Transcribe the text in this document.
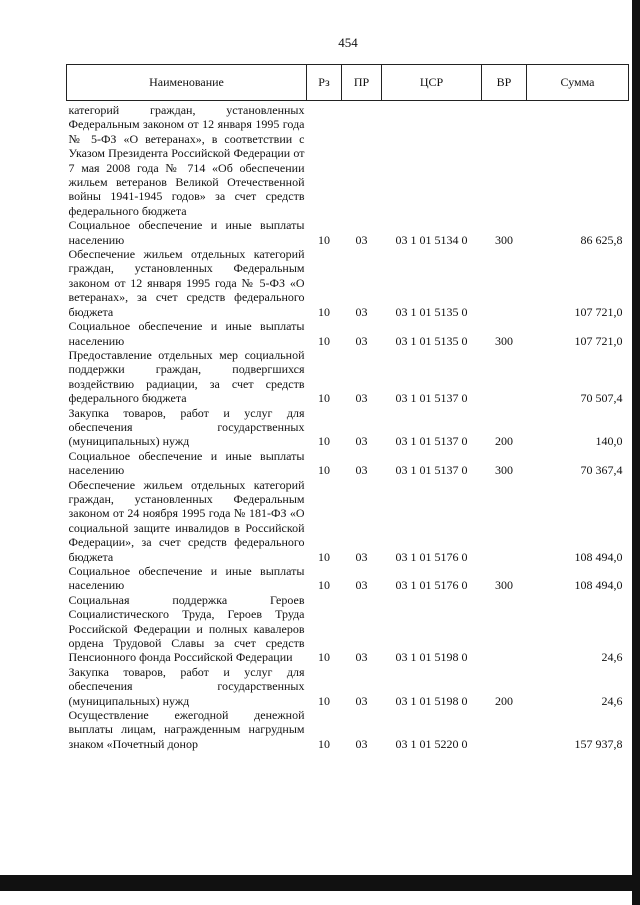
454
Наименование	Рз	ПР	ЦСР	ВР	Сумма
категорий граждан, установленных Федеральным законом от 12 января 1995 года № 5-ФЗ «О ветеранах», в соответствии с Указом Президента Российской Федерации от 7 мая 2008 года № 714 «Об обеспечении жильем ветеранов Великой Отечественной войны 1941-1945 годов» за счет средств федерального бюджета					
Социальное обеспечение и иные выплаты населению	10	03	03 1 01 5134 0	300	86 625,8
Обеспечение жильем отдельных категорий граждан, установленных Федеральным законом от 12 января 1995 года № 5-ФЗ «О ветеранах», за счет средств федерального бюджета	10	03	03 1 01 5135 0		107 721,0
Социальное обеспечение и иные выплаты населению	10	03	03 1 01 5135 0	300	107 721,0
Предоставление отдельных мер социальной поддержки граждан, подвергшихся воздействию радиации, за счет средств федерального бюджета	10	03	03 1 01 5137 0		70 507,4
Закупка товаров, работ и услуг для обеспечения государственных (муниципальных) нужд	10	03	03 1 01 5137 0	200	140,0
Социальное обеспечение и иные выплаты населению	10	03	03 1 01 5137 0	300	70 367,4
Обеспечение жильем отдельных категорий граждан, установленных Федеральным законом от 24 ноября 1995 года № 181-ФЗ «О социальной защите инвалидов в Российской Федерации», за счет средств федерального бюджета	10	03	03 1 01 5176 0		108 494,0
Социальное обеспечение и иные выплаты населению	10	03	03 1 01 5176 0	300	108 494,0
Социальная поддержка Героев Социалистического Труда, Героев Труда Российской Федерации и полных кавалеров ордена Трудовой Славы за счет средств Пенсионного фонда Российской Федерации	10	03	03 1 01 5198 0		24,6
Закупка товаров, работ и услуг для обеспечения государственных (муниципальных) нужд	10	03	03 1 01 5198 0	200	24,6
Осуществление ежегодной денежной выплаты лицам, награжденным нагрудным знаком «Почетный донор	10	03	03 1 01 5220 0		157 937,8
